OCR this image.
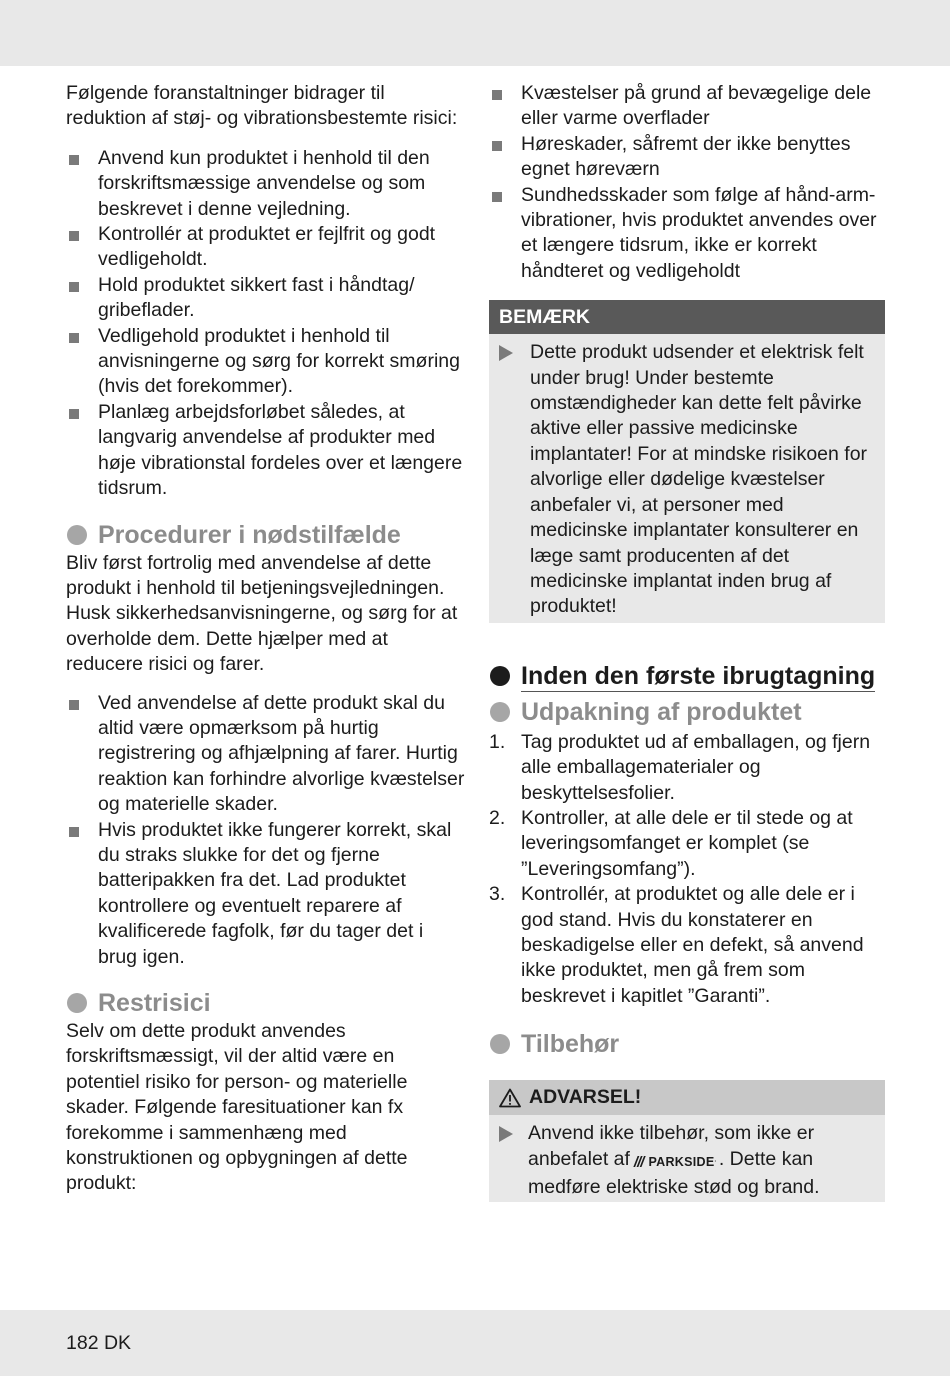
Følgende foranstaltninger bidrager til reduktion af støj- og vibrationsbestemte risici:

Anvend kun produktet i henhold til den forskriftsmæssige anvendelse og som beskrevet i denne vejledning.
Kontrollér at produktet er fejlfrit og godt vedligeholdt.
Hold produktet sikkert fast i håndtag/ gribeflader.
Vedligehold produktet i henhold til anvisningerne og sørg for korrekt smøring (hvis det forekommer).
Planlæg arbejdsforløbet således, at langvarig anvendelse af produkter med høje vibrationstal fordeles over et længere tidsrum.
Procedurer i nødstilfælde

Bliv først fortrolig med anvendelse af dette produkt i henhold til betjeningsvejledningen. Husk sikkerhedsanvisningerne, og sørg for at overholde dem. Dette hjælper med at reducere risici og farer.

Ved anvendelse af dette produkt skal du altid være opmærksom på hurtig registrering og afhjælpning af farer. Hurtig reaktion kan forhindre alvorlige kvæstelser og materielle skader.
Hvis produktet ikke fungerer korrekt, skal du straks slukke for det og fjerne batteripakken fra det. Lad produktet kontrollere og eventuelt reparere af kvalificerede fagfolk, før du tager det i brug igen.
Restrisici

Selv om dette produkt anvendes forskriftsmæssigt, vil der altid være en potentiel risiko for person- og materielle skader. Følgende faresituationer kan fx forekomme i sammenhæng med konstruktionen og opbygningen af dette produkt:

Kvæstelser på grund af bevægelige dele eller varme overflader
Høreskader, såfremt der ikke benyttes egnet høreværn
Sundhedsskader som følge af hånd-arm-vibrationer, hvis produktet anvendes over et længere tidsrum, ikke er korrekt håndteret og vedligeholdt
BEMÆRK
Dette produkt udsender et elektrisk felt under brug! Under bestemte omstændigheder kan dette felt påvirke aktive eller passive medicinske implantater! For at mindske risikoen for alvorlige eller dødelige kvæstelser anbefaler vi, at personer med medicinske implantater konsulterer en læge samt producenten af det medicinske implantat inden brug af produktet!
Inden den første ibrugtagning
Udpakning af produktet
1. Tag produktet ud af emballagen, og fjern alle emballagematerialer og beskyttelsesfolier.
2. Kontroller, at alle dele er til stede og at leveringsomfanget er komplet (se ”Leveringsomfang”).
3. Kontrollér, at produktet og alle dele er i god stand. Hvis du konstaterer en beskadigelse eller en defekt, så anvend ikke produktet, men gå frem som beskrevet i kapitlet ”Garanti”.
Tilbehør
ADVARSEL!
Anvend ikke tilbehør, som ikke er anbefalet af /// PARKSIDE · . Dette kan medføre elektriske stød og brand.
182 DK
